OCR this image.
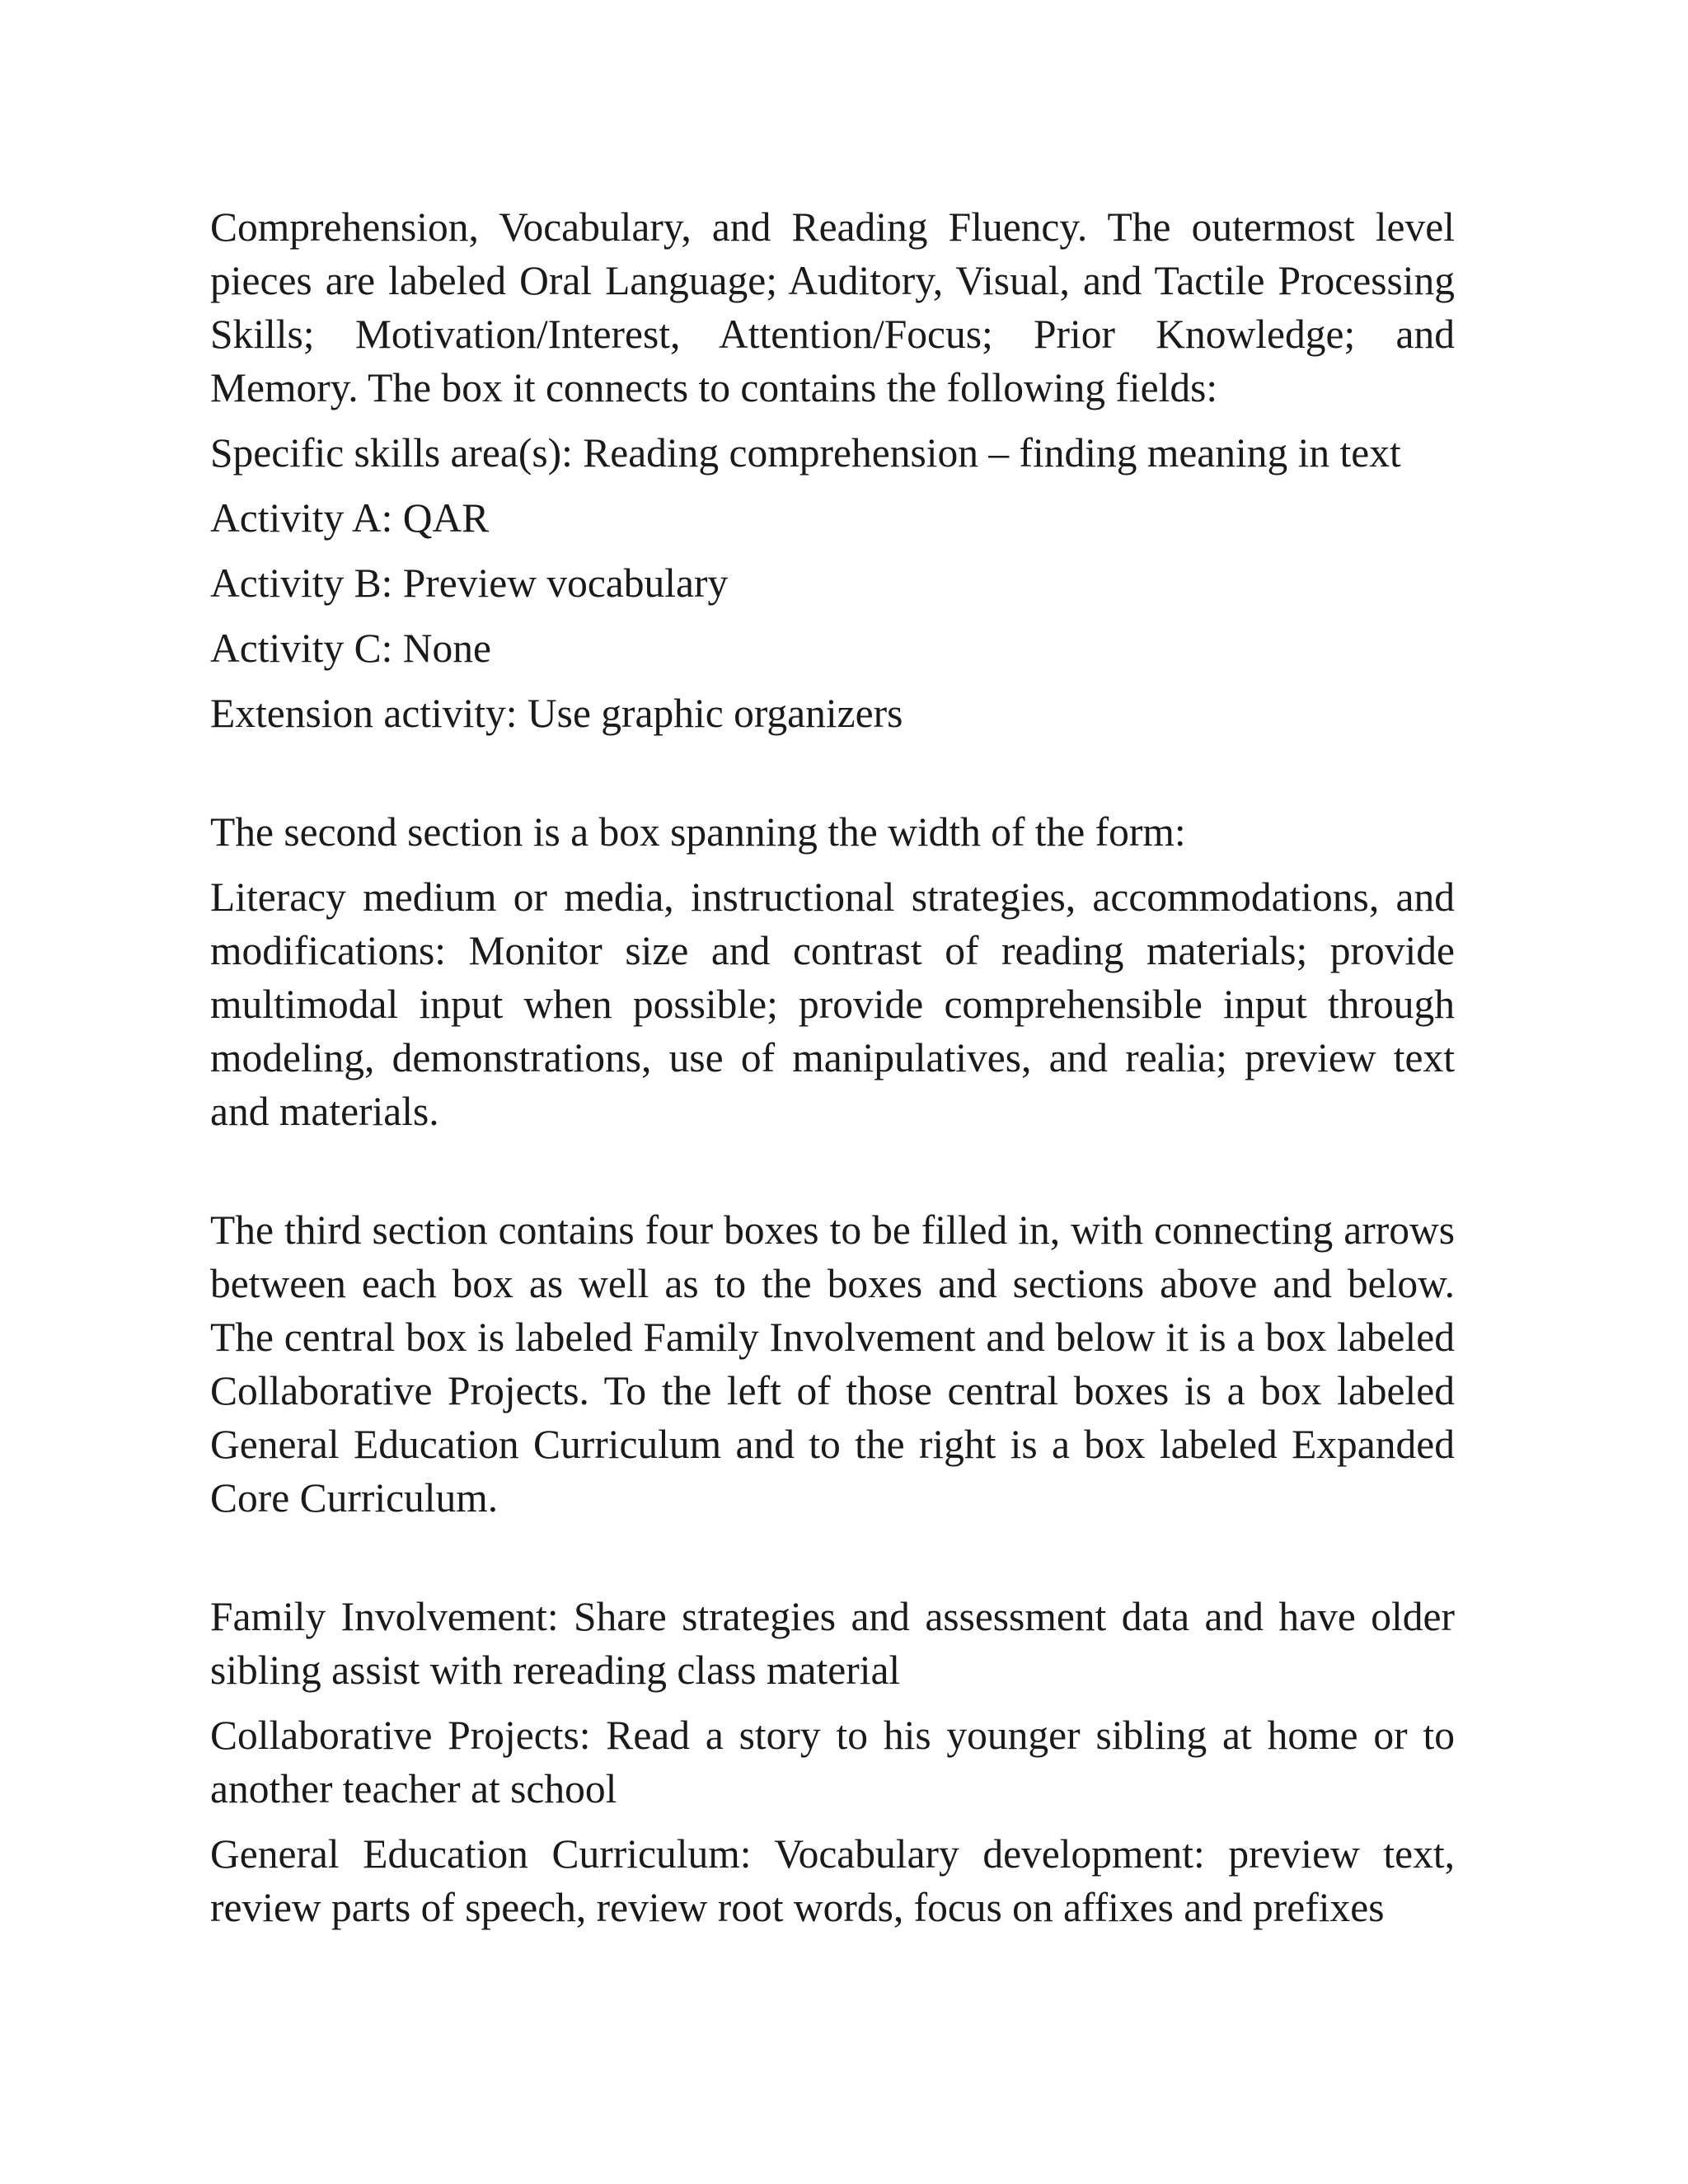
Comprehension, Vocabulary, and Reading Fluency. The outermost level pieces are labeled Oral Language; Auditory, Visual, and Tactile Processing Skills; Motivation/Interest, Attention/Focus; Prior Knowledge; and Memory. The box it connects to contains the following fields:

Specific skills area(s): Reading comprehension – finding meaning in text

Activity A: QAR

Activity B: Preview vocabulary

Activity C: None

Extension activity: Use graphic organizers

The second section is a box spanning the width of the form:

Literacy medium or media, instructional strategies, accommodations, and modifications: Monitor size and contrast of reading materials; provide multimodal input when possible; provide comprehensible input through modeling, demonstrations, use of manipulatives, and realia; preview text and materials.

The third section contains four boxes to be filled in, with connecting arrows between each box as well as to the boxes and sections above and below. The central box is labeled Family Involvement and below it is a box labeled Collaborative Projects. To the left of those central boxes is a box labeled General Education Curriculum and to the right is a box labeled Expanded Core Curriculum.

Family Involvement: Share strategies and assessment data and have older sibling assist with rereading class material

Collaborative Projects: Read a story to his younger sibling at home or to another teacher at school

General Education Curriculum: Vocabulary development: preview text, review parts of speech, review root words, focus on affixes and prefixes
